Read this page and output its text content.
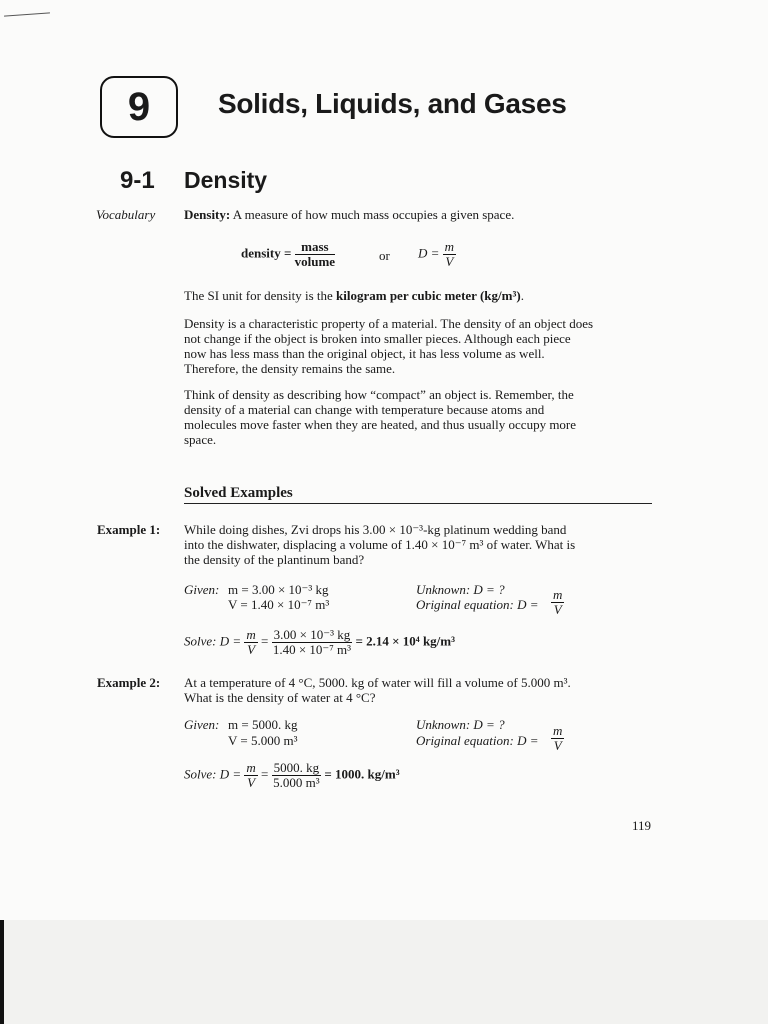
9 Solids, Liquids, and Gases
9-1 Density
Vocabulary Density: A measure of how much mass occupies a given space.
density = $\frac{\text{mass}}{\text{volume}}$	or $D = \frac{m}{V}$
The SI unit for density is the kilogram per cubic meter (kg/m³).
Density is a characteristic property of a material. The density of an object does
not change if the object is broken into smaller pieces. Although each piece
now has less mass than the original object, it has less volume as well.
Therefore, the density remains the same.
Think of density as describing how “compact” an object is. Remember, the
density of a material can change with temperature because atoms and
molecules move faster when they are heated, and thus usually occupy more
space.
Solved Examples
Example 1: While doing dishes, Zvi drops his 3.00 × 10⁻³-kg platinum wedding band
into the dishwater, displacing a volume of 1.40 × 10⁻⁷ m³ of water. What is
the density of the plantinum band?
Given: m = 3.00 × 10⁻³ kg
V = 1.40 × 10⁻⁷ m³
Unknown: D = ?
Original equation: $D = \frac{m}{V}$
Solve: $D = \frac{m}{V} = \frac{\text{3.00 × 10⁻³ kg}}{\text{1.40 × 10⁻⁷ m³}} = 2.14 \times 10^4$ kg/m³
Example 2: At a temperature of 4 °C, 5000. kg of water will fill a volume of 5.000 m³.
What is the density of water at 4 °C?
Given: m = 5000. kg
V = 5.000 m³
Unknown: D = ?
Original equation: $D = \frac{m}{V}$
Solve: $D = \frac{m}{V} = \frac{5000. kg}{\text{5.000 m³}} = 1000$. kg/m³
119
